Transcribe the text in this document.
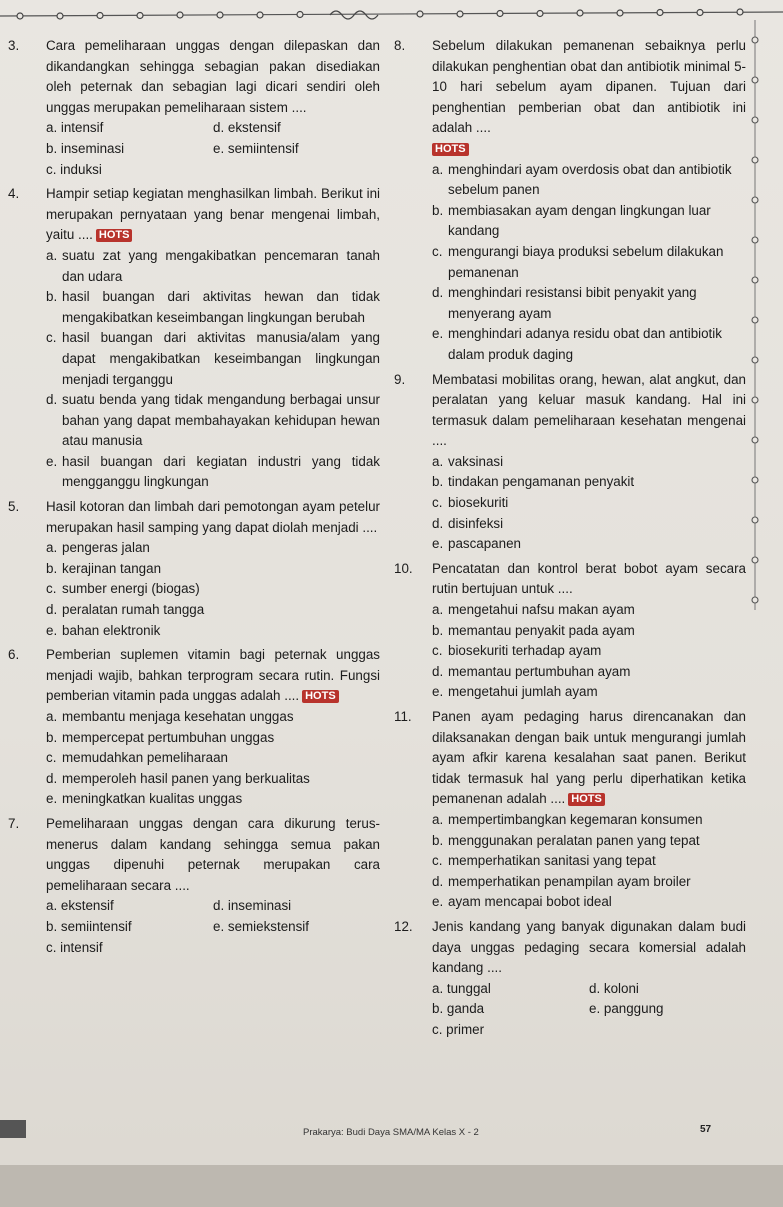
3.	Cara pemeliharaan unggas dengan dilepaskan dan dikandangkan sehingga sebagian pakan disediakan oleh peternak dan sebagian lagi dicari sendiri oleh unggas merupakan pemeliharaan sistem ....
a. intensif	d. ekstensif
b. inseminasi	e. semiintensif
c. induksi
4.	Hampir setiap kegiatan menghasilkan limbah. Berikut ini merupakan pernyataan yang benar mengenai limbah, yaitu .... HOTS
a. suatu zat yang mengakibatkan pencemaran tanah dan udara
b. hasil buangan dari aktivitas hewan dan tidak mengakibatkan keseimbangan lingkungan berubah
c. hasil buangan dari aktivitas manusia/alam yang dapat mengakibatkan keseimbangan lingkungan menjadi terganggu
d. suatu benda yang tidak mengandung berbagai unsur bahan yang dapat membahayakan kehidupan hewan atau manusia
e. hasil buangan dari kegiatan industri yang tidak mengganggu lingkungan
5.	Hasil kotoran dan limbah dari pemotongan ayam petelur merupakan hasil samping yang dapat diolah menjadi ....
a. pengeras jalan
b. kerajinan tangan
c. sumber energi (biogas)
d. peralatan rumah tangga
e. bahan elektronik
6.	Pemberian suplemen vitamin bagi peternak unggas menjadi wajib, bahkan terprogram secara rutin. Fungsi pemberian vitamin pada unggas adalah .... HOTS
a. membantu menjaga kesehatan unggas
b. mempercepat pertumbuhan unggas
c. memudahkan pemeliharaan
d. memperoleh hasil panen yang berkualitas
e. meningkatkan kualitas unggas
7.	Pemeliharaan unggas dengan cara dikurung terus-menerus dalam kandang sehingga semua pakan unggas dipenuhi peternak merupakan cara pemeliharaan secara ....
a. ekstensif	d. inseminasi
b. semiintensif	e. semiekstensif
c. intensif
8.	Sebelum dilakukan pemanenan sebaiknya perlu dilakukan penghentian obat dan antibiotik minimal 5-10 hari sebelum ayam dipanen. Tujuan dari penghentian pemberian obat dan antibiotik ini adalah ....
HOTS
a. menghindari ayam overdosis obat dan antibiotik sebelum panen
b. membiasakan ayam dengan lingkungan luar kandang
c. mengurangi biaya produksi sebelum dilakukan pemanenan
d. menghindari resistansi bibit penyakit yang menyerang ayam
e. menghindari adanya residu obat dan antibiotik dalam produk daging
9.	Membatasi mobilitas orang, hewan, alat angkut, dan peralatan yang keluar masuk kandang. Hal ini termasuk dalam pemeliharaan kesehatan mengenai ....
a. vaksinasi
b. tindakan pengamanan penyakit
c. biosekuriti
d. disinfeksi
e. pascapanen
10.	Pencatatan dan kontrol berat bobot ayam secara rutin bertujuan untuk ....
a. mengetahui nafsu makan ayam
b. memantau penyakit pada ayam
c. biosekuriti terhadap ayam
d. memantau pertumbuhan ayam
e. mengetahui jumlah ayam
11.	Panen ayam pedaging harus direncanakan dan dilaksanakan dengan baik untuk mengurangi jumlah ayam afkir karena kesalahan saat panen. Berikut tidak termasuk hal yang perlu diperhatikan ketika pemanenan adalah .... HOTS
a. mempertimbangkan kegemaran konsumen
b. menggunakan peralatan panen yang tepat
c. memperhatikan sanitasi yang tepat
d. memperhatikan penampilan ayam broiler
e. ayam mencapai bobot ideal
12.	Jenis kandang yang banyak digunakan dalam budi daya unggas pedaging secara komersial adalah kandang ....
a. tunggal	d. koloni
b. ganda	e. panggung
c. primer
Prakarya: Budi Daya SMA/MA Kelas X - 2	57
